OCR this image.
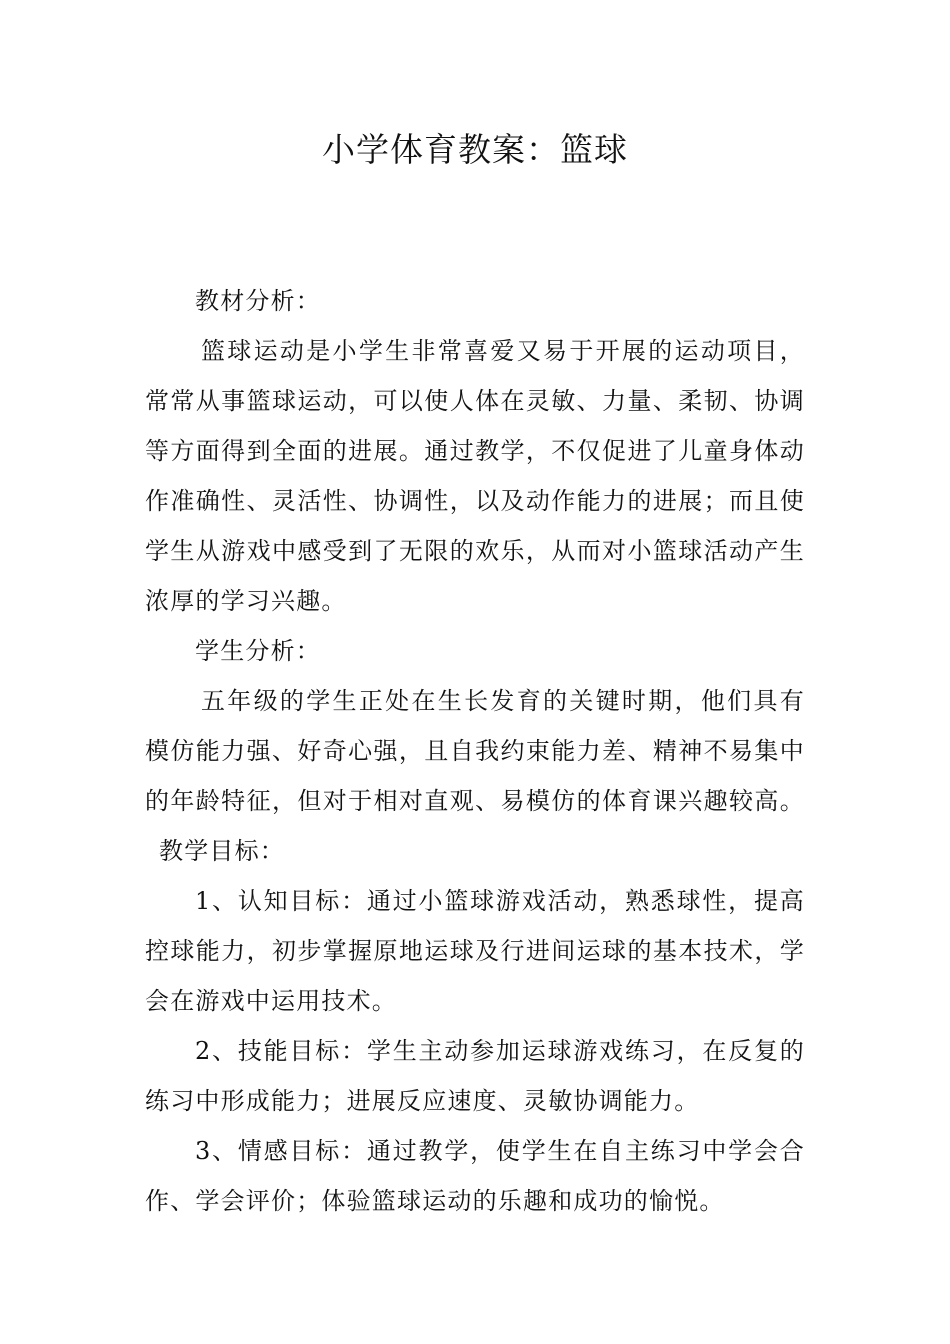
小学体育教案：篮球

教材分析：

篮球运动是小学生非常喜爱又易于开展的运动项目，常常从事篮球运动，可以使人体在灵敏、力量、柔韧、协调等方面得到全面的进展。通过教学，不仅促进了儿童身体动作准确性、灵活性、协调性，以及动作能力的进展；而且使学生从游戏中感受到了无限的欢乐，从而对小篮球活动产生浓厚的学习兴趣。

学生分析：

五年级的学生正处在生长发育的关键时期，他们具有模仿能力强、好奇心强，且自我约束能力差、精神不易集中的年龄特征，但对于相对直观、易模仿的体育课兴趣较高。教学目标：

1、认知目标：通过小篮球游戏活动，熟悉球性，提高控球能力，初步掌握原地运球及行进间运球的基本技术，学会在游戏中运用技术。

2、技能目标：学生主动参加运球游戏练习，在反复的练习中形成能力；进展反应速度、灵敏协调能力。

3、情感目标：通过教学，使学生在自主练习中学会合作、学会评价；体验篮球运动的乐趣和成功的愉悦。
